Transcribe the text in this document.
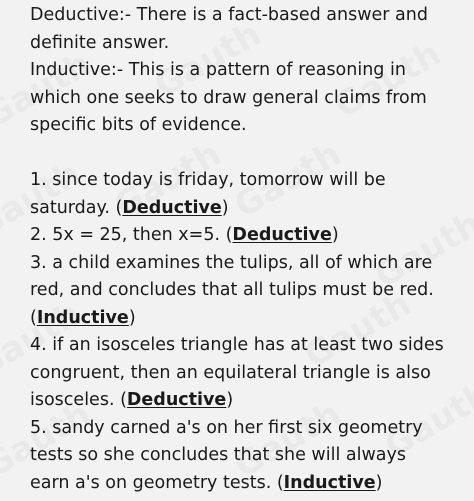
Deductive:- There is a fact-based answer and
definite answer.
Inductive:- This is a pattern of reasoning in
which one seeks to draw general claims from
specific bits of evidence.
1. since today is friday, tomorrow will be
saturday. (Deductive)
2. 5x = 25, then x=5. (Deductive)
3. a child examines the tulips, all of which are
red, and concludes that all tulips must be red.
(Inductive)
4. if an isosceles triangle has at least two sides
congruent, then an equilateral triangle is also
isosceles. (Deductive)
5. sandy carned a's on her first six geometry
tests so she concludes that she will always
earn a's on geometry tests. (Inductive)
